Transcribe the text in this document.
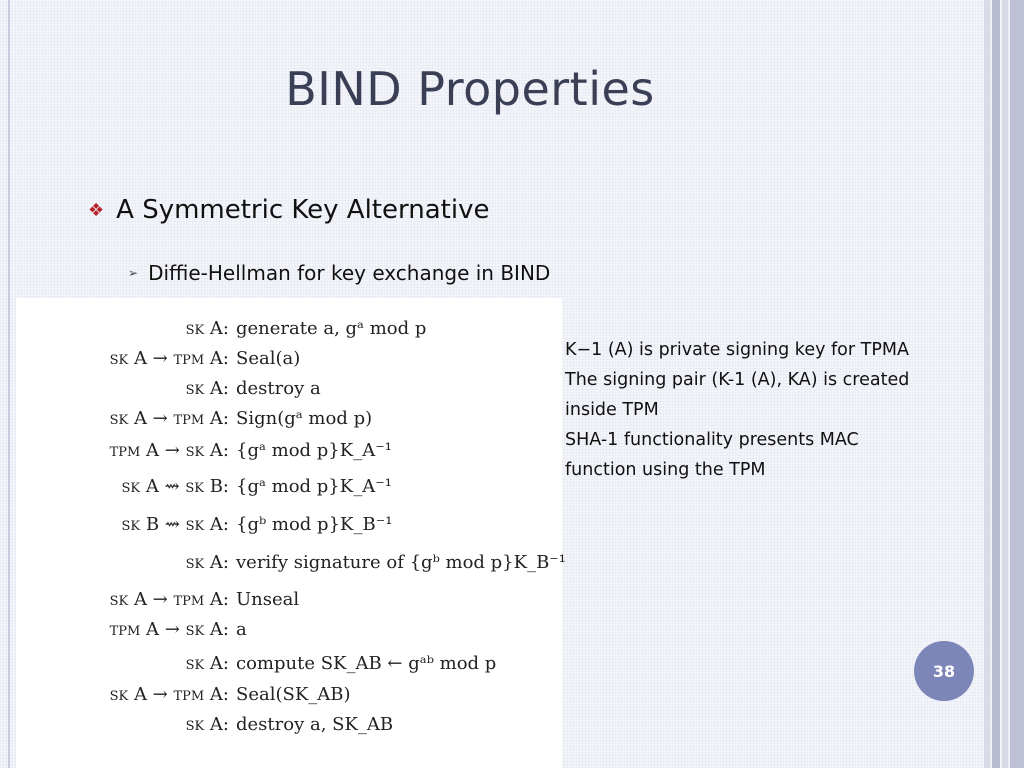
BIND Properties
❖ A Symmetric Key Alternative
➢ Diffie-Hellman for key exchange in BIND
sk A: generate a, gᵃ mod p
sk A → tpm A: Seal(a)
sk A: destroy a
sk A → tpm A: Sign(gᵃ mod p)
tpm A → sk A: {gᵃ mod p}K_A⁻¹
sk A ⇝ sk B: {gᵃ mod p}K_A⁻¹
sk B ⇝ sk A: {gᵇ mod p}K_B⁻¹
sk A: verify signature of {gᵇ mod p}K_B⁻¹
sk A → tpm A: Unseal
tpm A → sk A: a
sk A: compute SK_AB ← gᵃᵇ mod p
sk A → tpm A: Seal(SK_AB)
sk A: destroy a, SK_AB
K−1 (A) is private signing key for TPMA
The signing pair (K-1 (A), KA) is created
inside TPM
SHA-1 functionality presents MAC
function using the TPM
38
